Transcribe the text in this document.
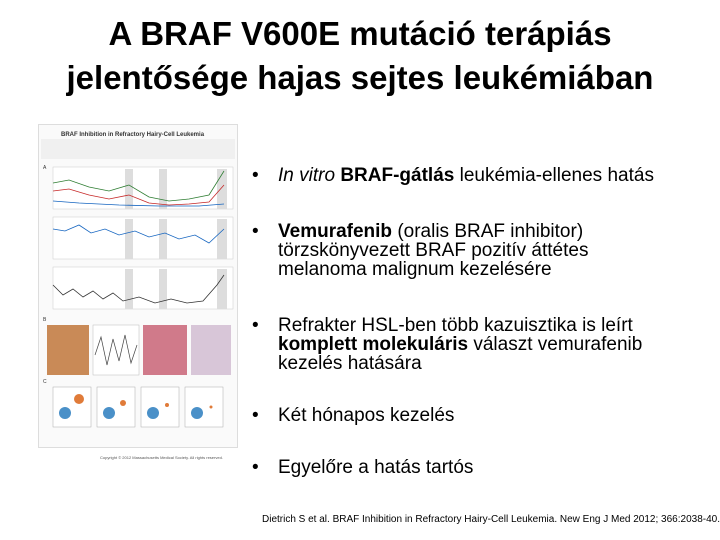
A BRAF V600E mutáció terápiás
jelentősége hajas sejtes leukémiában
BRAF Inhibition in Refractory Hairy-Cell Leukemia
A
B
C
Copyright © 2012 Massachusetts Medical Society. All rights reserved.
• In vitro BRAF-gátlás leukémia-ellenes hatás
• Vemurafenib (oralis BRAF inhibitor)
törzskönyvezett BRAF pozitív áttétes
melanoma malignum kezelésére
• Refrakter HSL-ben több kazuisztika is leírt
komplett molekuláris választ vemurafenib
kezelés hatására
• Két hónapos kezelés
• Egyelőre a hatás tartós
Dietrich S et al. BRAF Inhibition in Refractory Hairy-Cell Leukemia. New Eng J Med 2012; 366:2038-40.
